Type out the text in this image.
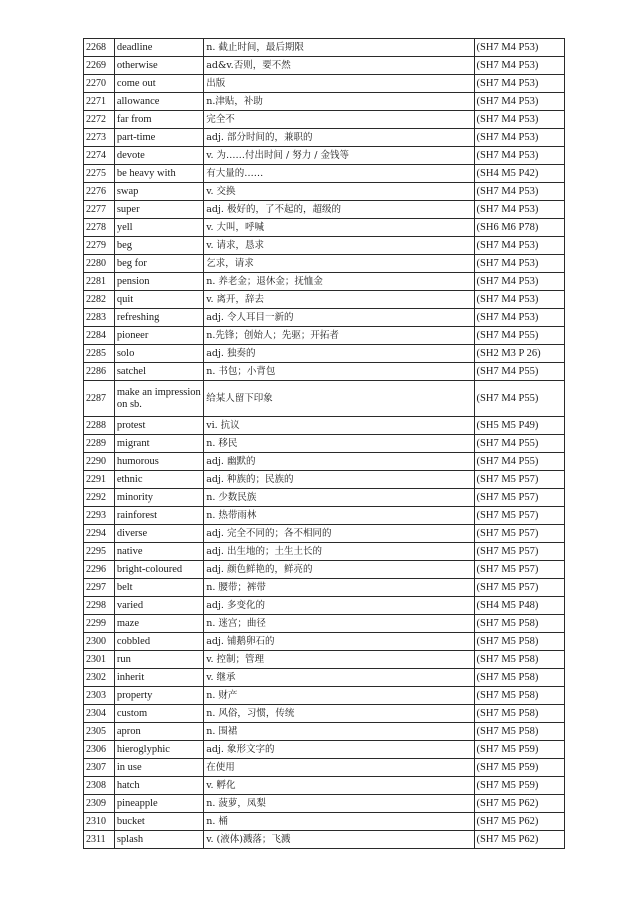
2268	deadline	n. 截止时间，最后期限	(SH7 M4 P53)
2269	otherwise	ad&v.否则，要不然	(SH7 M4 P53)
2270	come out	出版	(SH7 M4 P53)
2271	allowance	n.津贴，补助	(SH7 M4 P53)
2272	far from	完全不	(SH7 M4 P53)
2273	part-time	adj. 部分时间的，兼职的	(SH7 M4 P53)
2274	devote	v. 为……付出时间 / 努力 / 金钱等	(SH7 M4 P53)
2275	be heavy with	有大量的……	(SH4 M5 P42)
2276	swap	v. 交换	(SH7 M4 P53)
2277	super	adj. 极好的，了不起的，超级的	(SH7 M4 P53)
2278	yell	v. 大叫，呼喊	(SH6 M6 P78)
2279	beg	v. 请求，恳求	(SH7 M4 P53)
2280	beg for	乞求，请求	(SH7 M4 P53)
2281	pension	n. 养老金；退休金；抚恤金	(SH7 M4 P53)
2282	quit	v. 离开，辞去	(SH7 M4 P53)
2283	refreshing	adj. 令人耳目一新的	(SH7 M4 P53)
2284	pioneer	n.先锋；创始人；先驱；开拓者	(SH7 M4 P55)
2285	solo	adj. 独奏的	(SH2 M3 P 26)
2286	satchel	n. 书包；小背包	(SH7 M4 P55)
2287	make an impression on sb.	给某人留下印象	(SH7 M4 P55)
2288	protest	vi. 抗议	(SH5 M5 P49)
2289	migrant	n. 移民	(SH7 M4 P55)
2290	humorous	adj. 幽默的	(SH7 M4 P55)
2291	ethnic	adj. 种族的；民族的	(SH7 M5 P57)
2292	minority	n. 少数民族	(SH7 M5 P57)
2293	rainforest	n. 热带雨林	(SH7 M5 P57)
2294	diverse	adj. 完全不同的；各不相同的	(SH7 M5 P57)
2295	native	adj. 出生地的；土生土长的	(SH7 M5 P57)
2296	bright-coloured	adj. 颜色鲜艳的，鲜亮的	(SH7 M5 P57)
2297	belt	n. 腰带；裤带	(SH7 M5 P57)
2298	varied	adj. 多变化的	(SH4 M5 P48)
2299	maze	n. 迷宫；曲径	(SH7 M5 P58)
2300	cobbled	adj. 铺鹅卵石的	(SH7 M5 P58)
2301	run	v. 控制；管理	(SH7 M5 P58)
2302	inherit	v. 继承	(SH7 M5 P58)
2303	property	n. 财产	(SH7 M5 P58)
2304	custom	n. 风俗，习惯，传统	(SH7 M5 P58)
2305	apron	n. 围裙	(SH7 M5 P58)
2306	hieroglyphic	adj. 象形文字的	(SH7 M5 P59)
2307	in use	在使用	(SH7 M5 P59)
2308	hatch	v. 孵化	(SH7 M5 P59)
2309	pineapple	n. 菠萝，凤梨	(SH7 M5 P62)
2310	bucket	n. 桶	(SH7 M5 P62)
2311	splash	v. (液体)溅落；飞溅	(SH7 M5 P62)
